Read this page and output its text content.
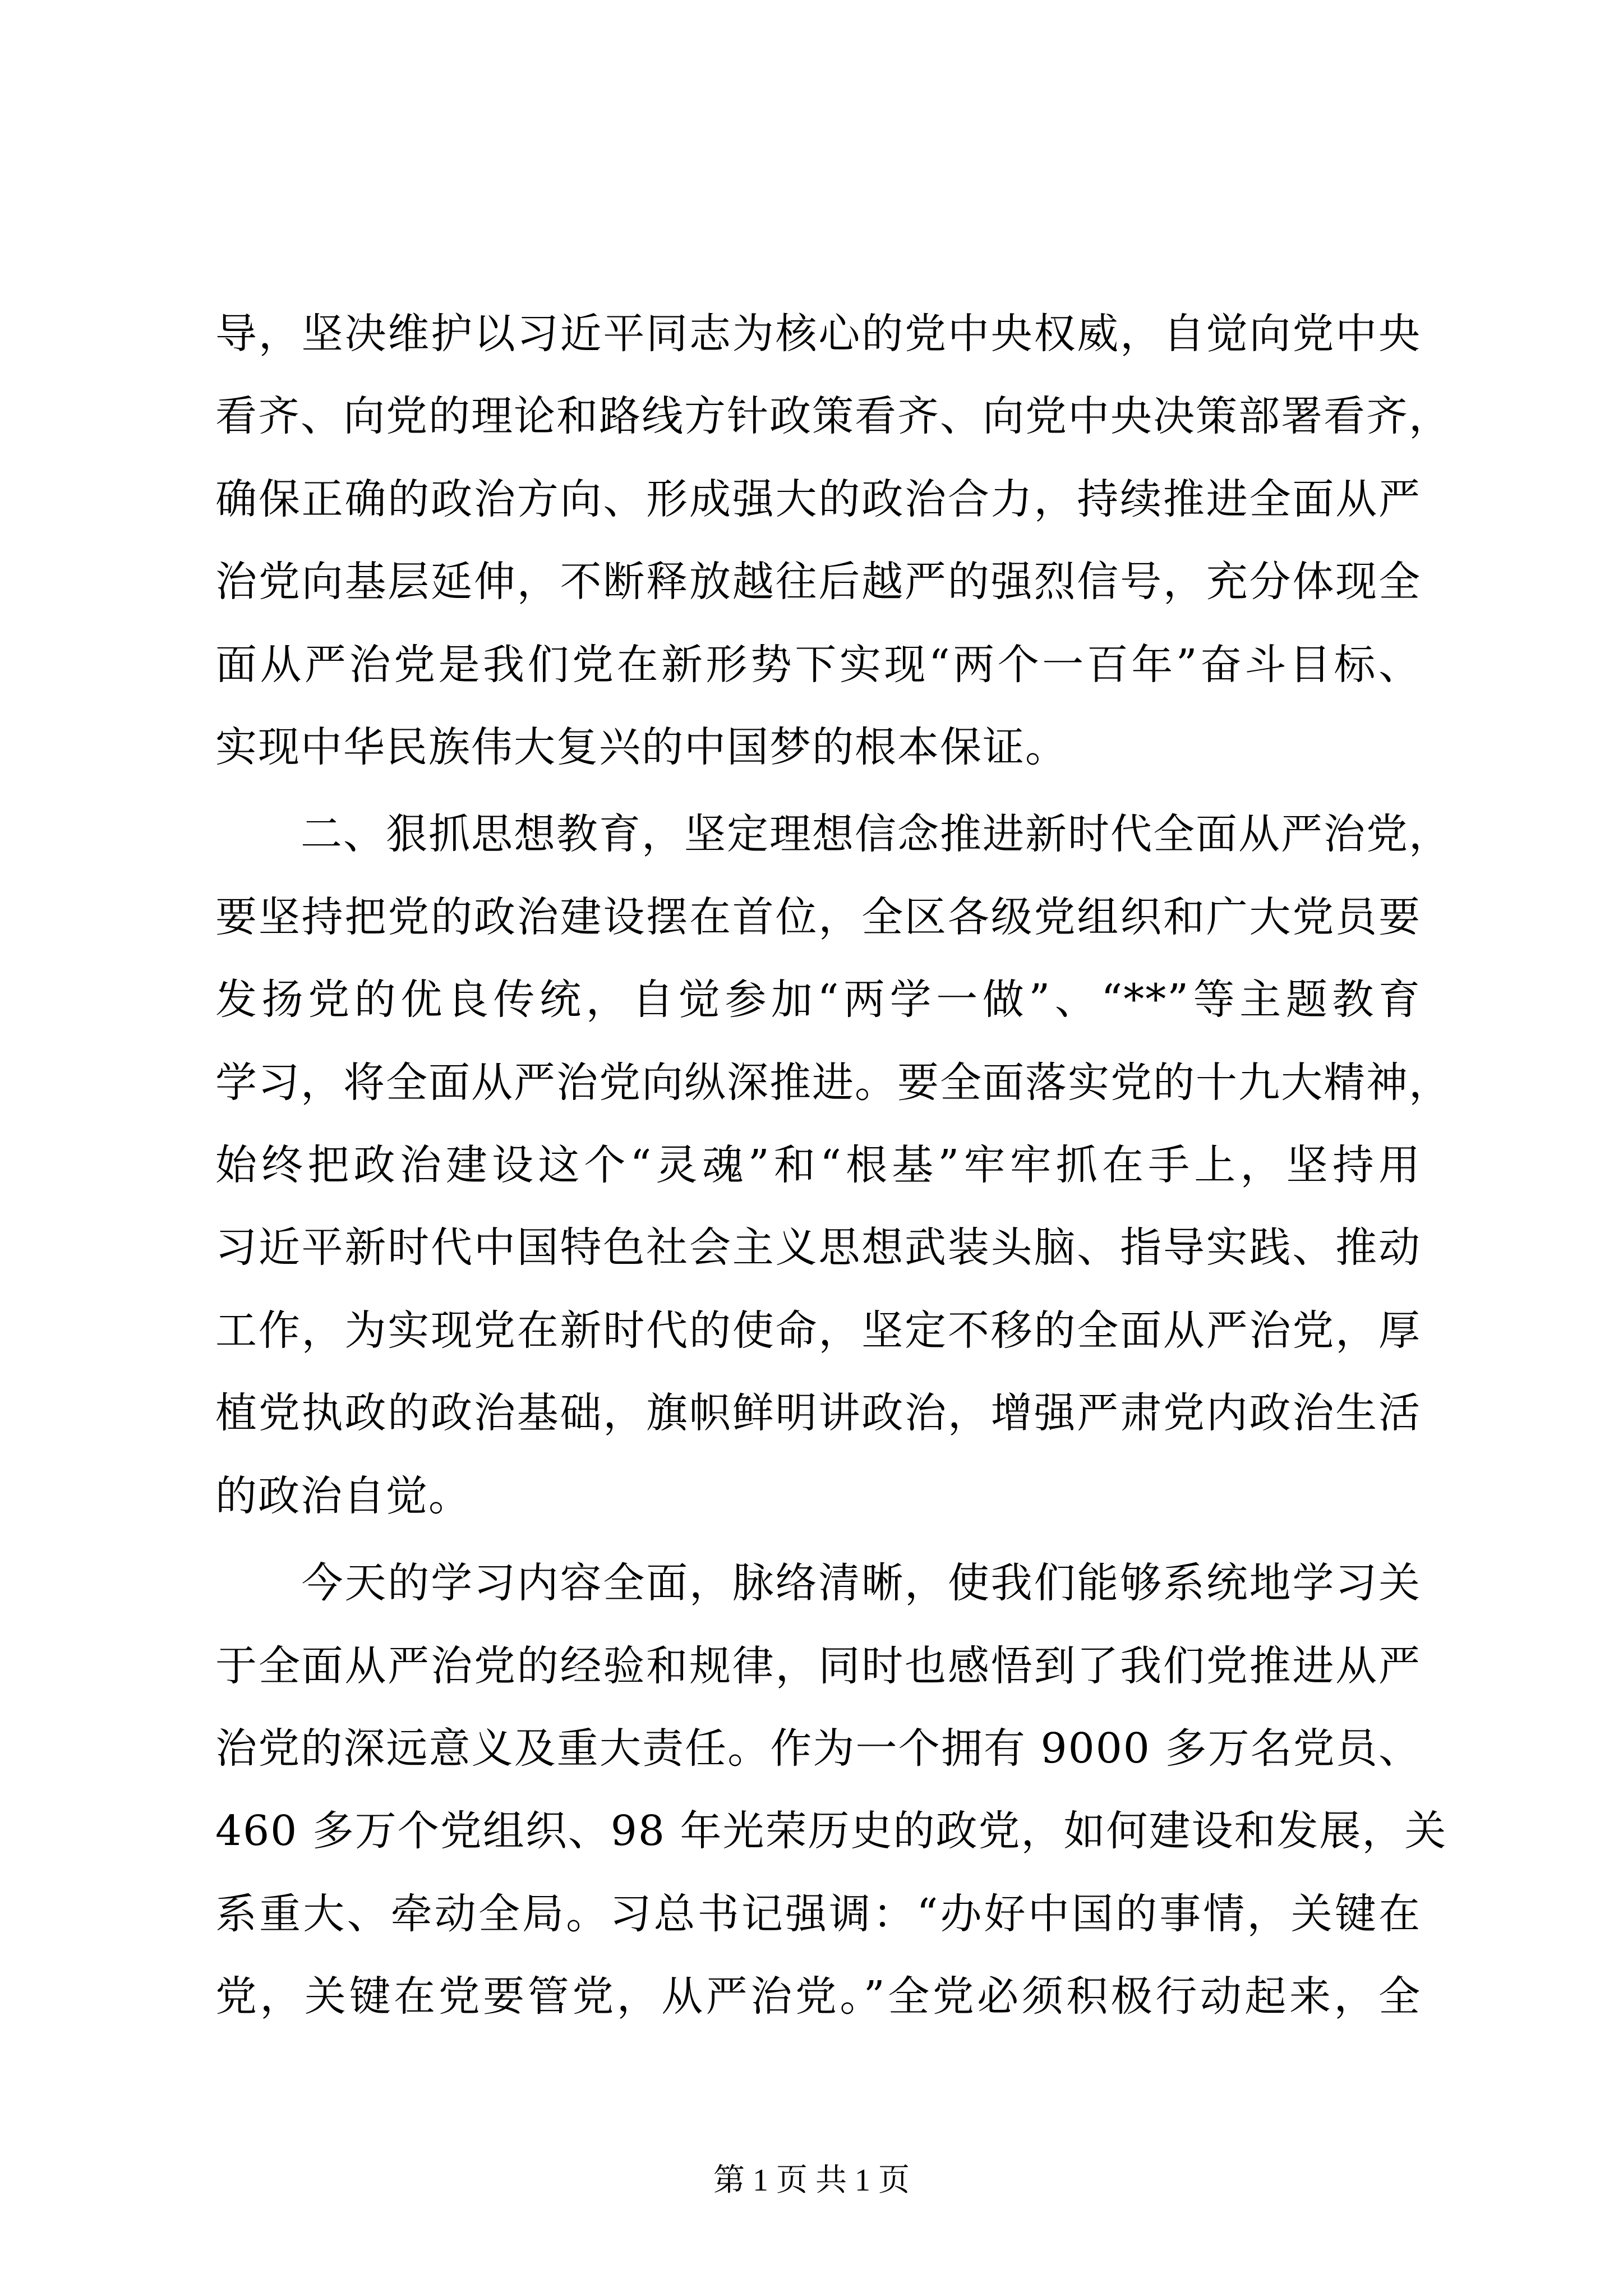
导，坚决维护以习近平同志为核心的党中央权威，自觉向党中央
看齐、向党的理论和路线方针政策看齐、向党中央决策部署看齐，
确保正确的政治方向、形成强大的政治合力，持续推进全面从严
治党向基层延伸，不断释放越往后越严的强烈信号，充分体现全
面从严治党是我们党在新形势下实现“两个一百年”奋斗目标、
实现中华民族伟大复兴的中国梦的根本保证。
　　二、狠抓思想教育，坚定理想信念推进新时代全面从严治党，
要坚持把党的政治建设摆在首位，全区各级党组织和广大党员要
发扬党的优良传统，自觉参加“两学一做”、“**”等主题教育
学习，将全面从严治党向纵深推进。要全面落实党的十九大精神，
始终把政治建设这个“灵魂”和“根基”牢牢抓在手上，坚持用
习近平新时代中国特色社会主义思想武装头脑、指导实践、推动
工作，为实现党在新时代的使命，坚定不移的全面从严治党，厚
植党执政的政治基础，旗帜鲜明讲政治，增强严肃党内政治生活
的政治自觉。
　　今天的学习内容全面，脉络清晰，使我们能够系统地学习关
于全面从严治党的经验和规律，同时也感悟到了我们党推进从严
治党的深远意义及重大责任。作为一个拥有 9000 多万名党员、
460 多万个党组织、98 年光荣历史的政党，如何建设和发展，关
系重大、牵动全局。习总书记强调：“办好中国的事情，关键在
党，关键在党要管党，从严治党。”全党必须积极行动起来，全
第 1 页 共 1 页
